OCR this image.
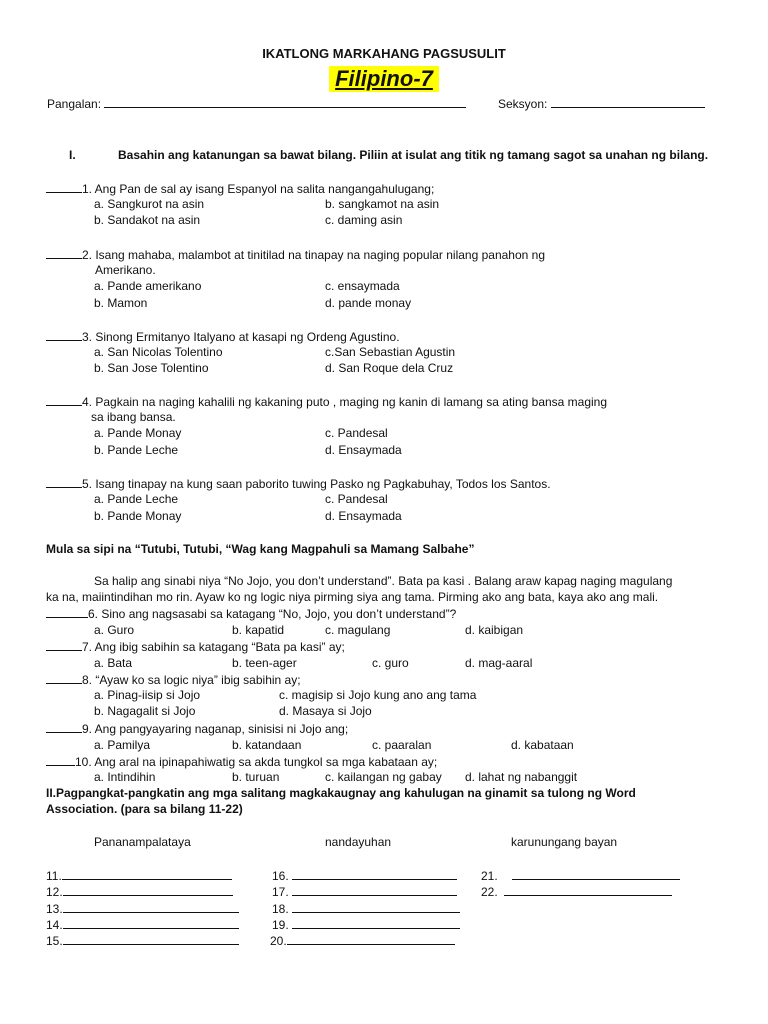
IKATLONG MARKAHANG PAGSUSULIT
Filipino-7
Pangalan:	Seksyon:
I.	Basahin ang katanungan sa bawat bilang. Piliin at isulat ang titik ng tamang sagot sa unahan ng bilang.
1. Ang Pan de sal ay isang Espanyol na salita nangangahulugang;
a. Sangkurot na asin	b. sangkamot na asin
b. Sandakot na asin	c. daming asin
2. Isang mahaba, malambot at tinitilad na tinapay na naging popular nilang panahon ng
Amerikano.
a. Pande amerikano	c. ensaymada
b. Mamon	d. pande monay
3. Sinong Ermitanyo Italyano at kasapi ng Ordeng Agustino.
a. San Nicolas Tolentino	c.San Sebastian Agustin
b. San Jose Tolentino	d. San Roque dela Cruz
4. Pagkain na naging kahalili ng kakaning puto , maging ng kanin di lamang sa ating bansa maging
sa ibang bansa.
a. Pande Monay	c. Pandesal
b. Pande Leche	d. Ensaymada
5. Isang tinapay na kung saan paborito tuwing Pasko ng Pagkabuhay, Todos los Santos.
a. Pande Leche	c. Pandesal
b. Pande Monay	d. Ensaymada
Mula sa sipi na “Tutubi, Tutubi, “Wag kang Magpahuli sa Mamang Salbahe”
Sa halip ang sinabi niya “No Jojo, you don’t understand”. Bata pa kasi . Balang araw kapag naging magulang
ka na, maiintindihan mo rin. Ayaw ko ng logic niya pirming siya ang tama. Pirming ako ang bata, kaya ako ang mali.
6. Sino ang nagsasabi sa katagang “No, Jojo, you don’t understand”?
a. Guro	b. kapatid	c. magulang	d. kaibigan
7. Ang ibig sabihin sa katagang “Bata pa kasi” ay;
a. Bata	b. teen-ager	c. guro	d. mag-aaral
8. “Ayaw ko sa logic niya” ibig sabihin ay;
a. Pinag-iisip si Jojo	c. magisip si Jojo kung ano ang tama
b. Nagagalit si Jojo	d. Masaya si Jojo
9. Ang pangyayaring naganap, sinisisi ni Jojo ang;
a. Pamilya	b. katandaan	c. paaralan	d. kabataan
10. Ang aral na ipinapahiwatig sa akda tungkol sa mga kabataan ay;
a. Intindihin	b. turuan	c. kailangan ng gabay d. lahat ng nabanggit
II.Pagpangkat-pangkatin ang mga salitang magkakaugnay ang kahulugan na ginamit sa tulong ng Word
Association. (para sa bilang 11-22)
Pananampalataya	nandayuhan	karunungang bayan
11.
12.
13.
14.
15.
16.
17.
18.
19.
20.
21.
22.
